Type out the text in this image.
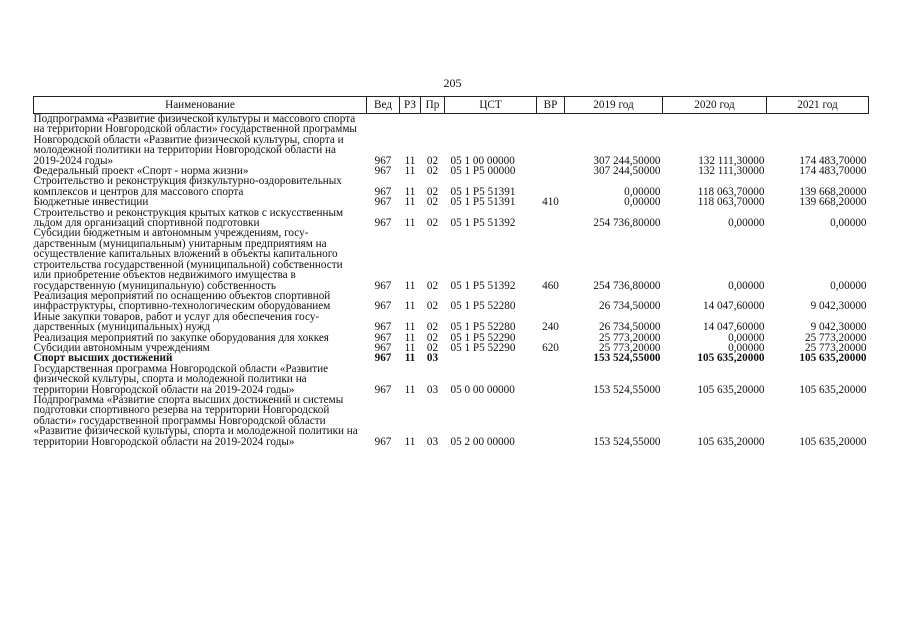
205
Наименование	Вед	РЗ	Пр	ЦСТ	ВР	2019 год	2020 год	2021 год
Подпрограмма «Развитие физической культуры и массового спорта на территории Новгородской области» государственной программы Новгородской области «Развитие физической культуры, спорта и молодежной политики на территории Новгородской области на 2019-2024 годы»	967	11	02	05 1 00 00000		307 244,50000	132 111,30000	174 483,70000
Федеральный проект «Спорт - норма жизни»	967	11	02	05 1 P5 00000		307 244,50000	132 111,30000	174 483,70000
Строительство и реконструкция физкультурно-оздоровительных комплексов и центров для массового спорта	967	11	02	05 1 P5 51391		0,00000	118 063,70000	139 668,20000
Бюджетные инвестиции	967	11	02	05 1 P5 51391	410	0,00000	118 063,70000	139 668,20000
Строительство и реконструкция крытых катков с искусственным льдом для организаций спортивной подготовки	967	11	02	05 1 P5 51392		254 736,80000	0,00000	0,00000
Субсидии бюджетным и автономным учреждениям, государственным (муниципальным) унитарным предприятиям на осуществление капитальных вложений в объекты капитального строительства государственной (муниципальной) собственности или приобретение объектов недвижимого имущества в государственную (муниципальную) собственность	967	11	02	05 1 P5 51392	460	254 736,80000	0,00000	0,00000
Реализация мероприятий по оснащению объектов спортивной инфраструктуры, спортивно-технологическим оборудованием	967	11	02	05 1 P5 52280		26 734,50000	14 047,60000	9 042,30000
Иные закупки товаров, работ и услуг для обеспечения государственных (муниципальных) нужд	967	11	02	05 1 P5 52280	240	26 734,50000	14 047,60000	9 042,30000
Реализация мероприятий по закупке оборудования для хоккея	967	11	02	05 1 P5 52290		25 773,20000	0,00000	25 773,20000
Субсидии автономным учреждениям	967	11	02	05 1 P5 52290	620	25 773,20000	0,00000	25 773,20000
Спорт высших достижений	967	11	03			153 524,55000	105 635,20000	105 635,20000
Государственная программа Новгородской области «Развитие физической культуры, спорта и молодежной политики на территории Новгородской области на 2019-2024 годы»	967	11	03	05 0 00 00000		153 524,55000	105 635,20000	105 635,20000
Подпрограмма «Развитие спорта высших достижений и системы подготовки спортивного резерва на территории Новгородской области» государственной программы Новгородской области «Развитие физической культуры, спорта и молодежной политики на территории Новгородской области на 2019-2024 годы»	967	11	03	05 2 00 00000		153 524,55000	105 635,20000	105 635,20000
